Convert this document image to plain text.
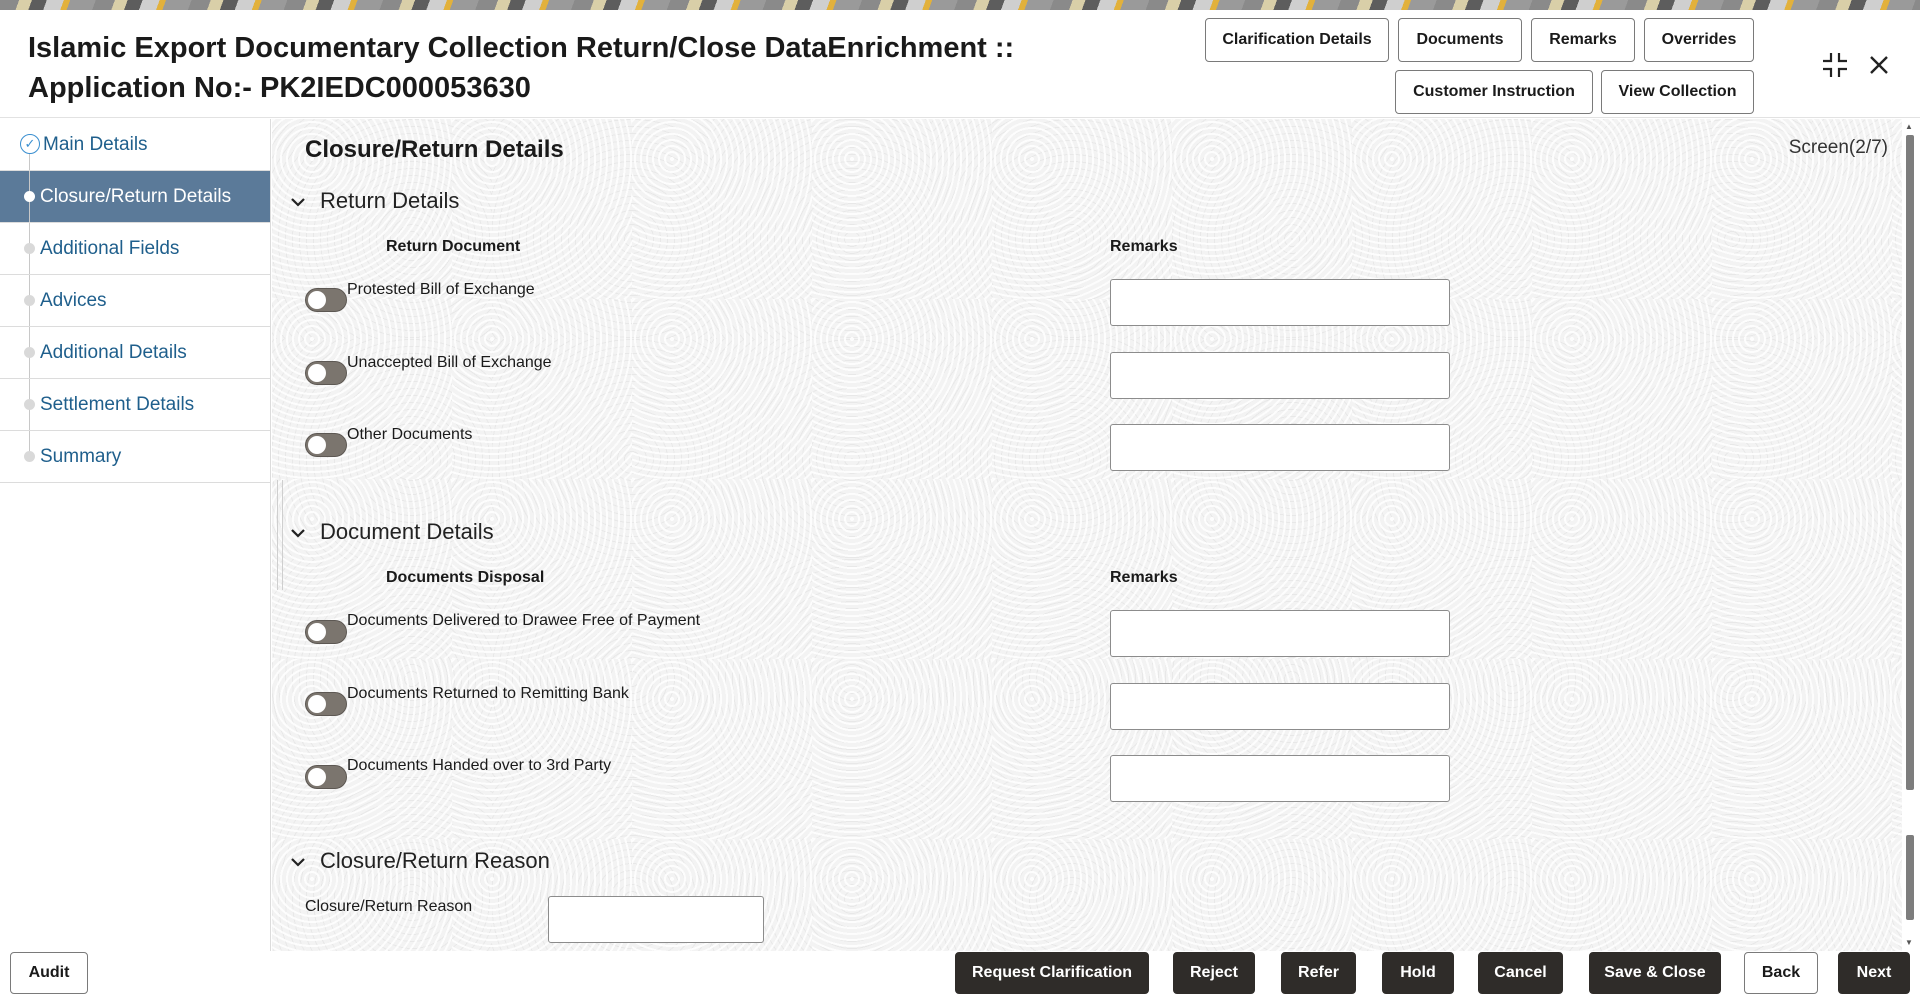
Islamic Export Documentary Collection Return/Close DataEnrichment ::
Application No:- PK2IEDC000053630
Clarification Details	Documents	Remarks	Overrides
Customer Instruction	View Collection
✓ Main Details
Closure/Return Details
Additional Fields
Advices
Additional Details
Settlement Details
Summary
Closure/Return Details	Screen(2/7)
Return Details
Return Document	Remarks
Protested Bill of Exchange
Unaccepted Bill of Exchange
Other Documents
Document Details
Documents Disposal	Remarks
Documents Delivered to Drawee Free of Payment
Documents Returned to Remitting Bank
Documents Handed over to 3rd Party
Closure/Return Reason
Closure/Return Reason
▲
▼
Audit	Request Clarification	Reject	Refer	Hold	Cancel	Save & Close	Back	Next
